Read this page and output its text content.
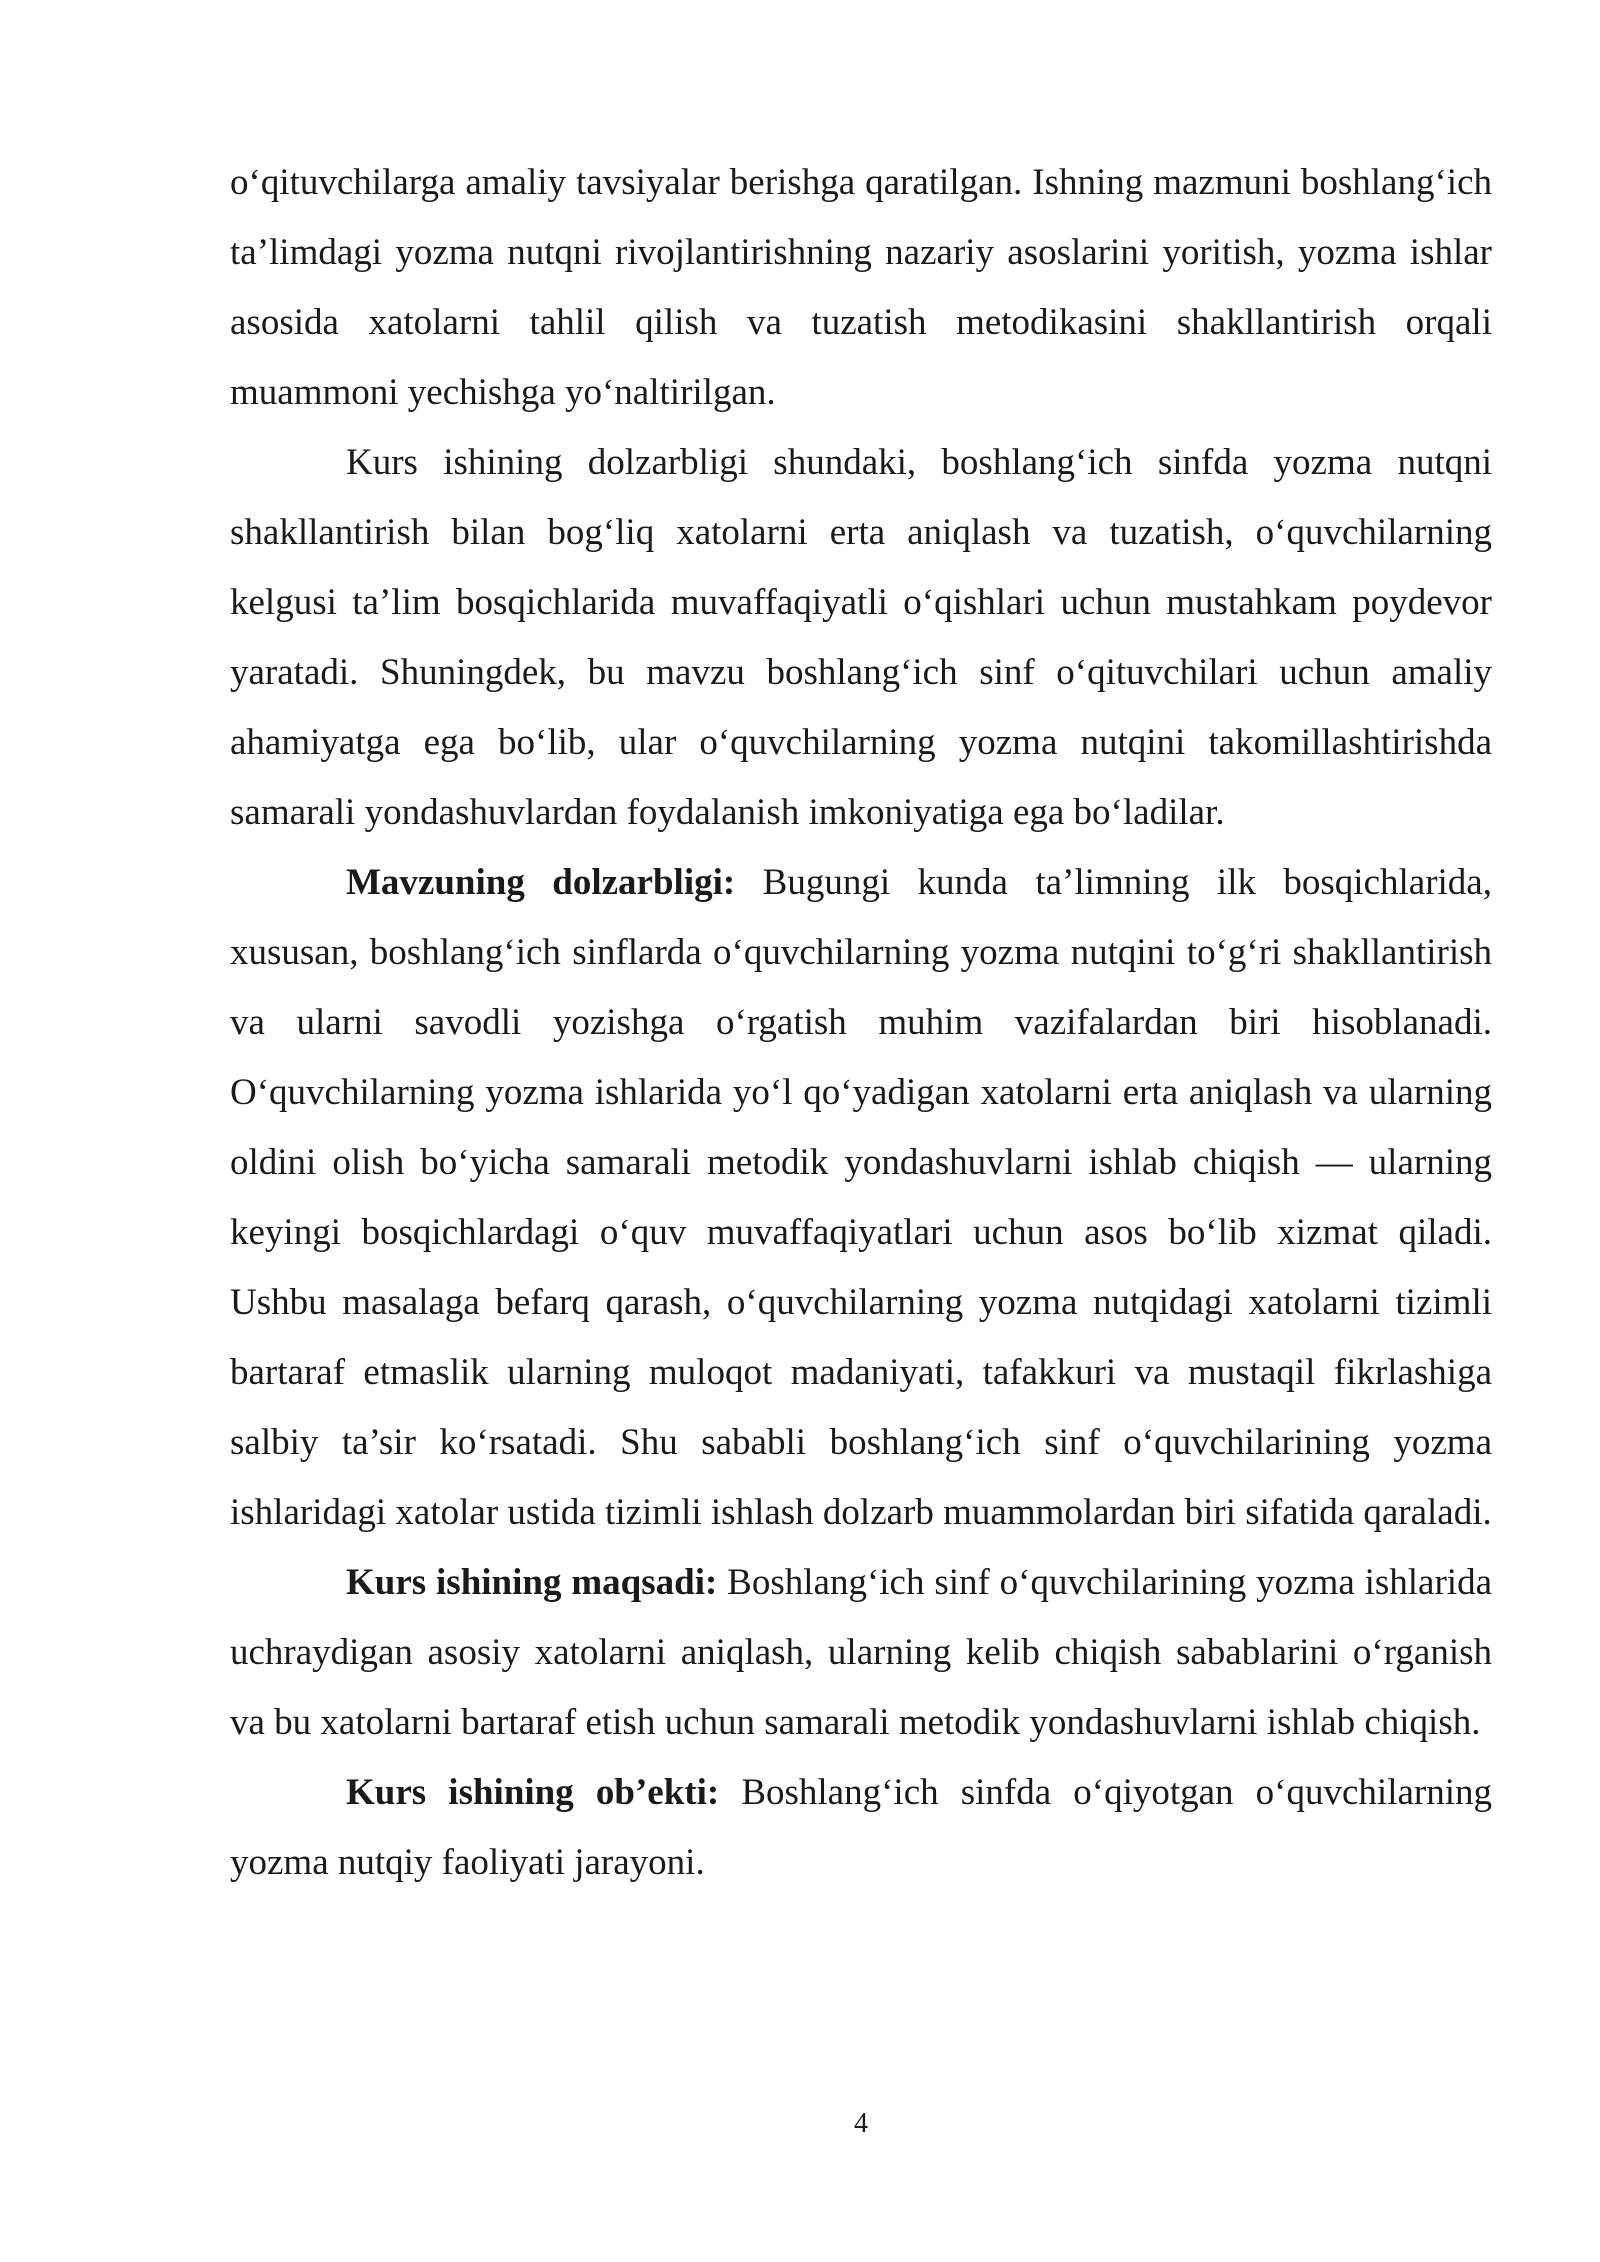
o‘qituvchilarga amaliy tavsiyalar berishga qaratilgan. Ishning mazmuni boshlang‘ich ta’limdagi yozma nutqni rivojlantirishning nazariy asoslarini yoritish, yozma ishlar asosida xatolarni tahlil qilish va tuzatish metodikasini shakllantirish orqali muammoni yechishga yo‘naltirilgan.

Kurs ishining dolzarbligi shundaki, boshlang‘ich sinfda yozma nutqni shakllantirish bilan bog‘liq xatolarni erta aniqlash va tuzatish, o‘quvchilarning kelgusi ta’lim bosqichlarida muvaffaqiyatli o‘qishlari uchun mustahkam poydevor yaratadi. Shuningdek, bu mavzu boshlang‘ich sinf o‘qituvchilari uchun amaliy ahamiyatga ega bo‘lib, ular o‘quvchilarning yozma nutqini takomillashtirishda samarali yondashuvlardan foydalanish imkoniyatiga ega bo‘ladilar.

Mavzuning dolzarbligi: Bugungi kunda ta’limning ilk bosqichlarida, xususan, boshlang‘ich sinflarda o‘quvchilarning yozma nutqini to‘g‘ri shakllantirish va ularni savodli yozishga o‘rgatish muhim vazifalardan biri hisoblanadi. O‘quvchilarning yozma ishlarida yo‘l qo‘yadigan xatolarni erta aniqlash va ularning oldini olish bo‘yicha samarali metodik yondashuvlarni ishlab chiqish — ularning keyingi bosqichlardagi o‘quv muvaffaqiyatlari uchun asos bo‘lib xizmat qiladi. Ushbu masalaga befarq qarash, o‘quvchilarning yozma nutqidagi xatolarni tizimli bartaraf etmaslik ularning muloqot madaniyati, tafakkuri va mustaqil fikrlashiga salbiy ta’sir ko‘rsatadi. Shu sababli boshlang‘ich sinf o‘quvchilarining yozma ishlaridagi xatolar ustida tizimli ishlash dolzarb muammolardan biri sifatida qaraladi.

Kurs ishining maqsadi: Boshlang‘ich sinf o‘quvchilarining yozma ishlarida uchraydigan asosiy xatolarni aniqlash, ularning kelib chiqish sabablarini o‘rganish va bu xatolarni bartaraf etish uchun samarali metodik yondashuvlarni ishlab chiqish.

Kurs ishining ob’ekti: Boshlang‘ich sinfda o‘qiyotgan o‘quvchilarning yozma nutqiy faoliyati jarayoni.

4
